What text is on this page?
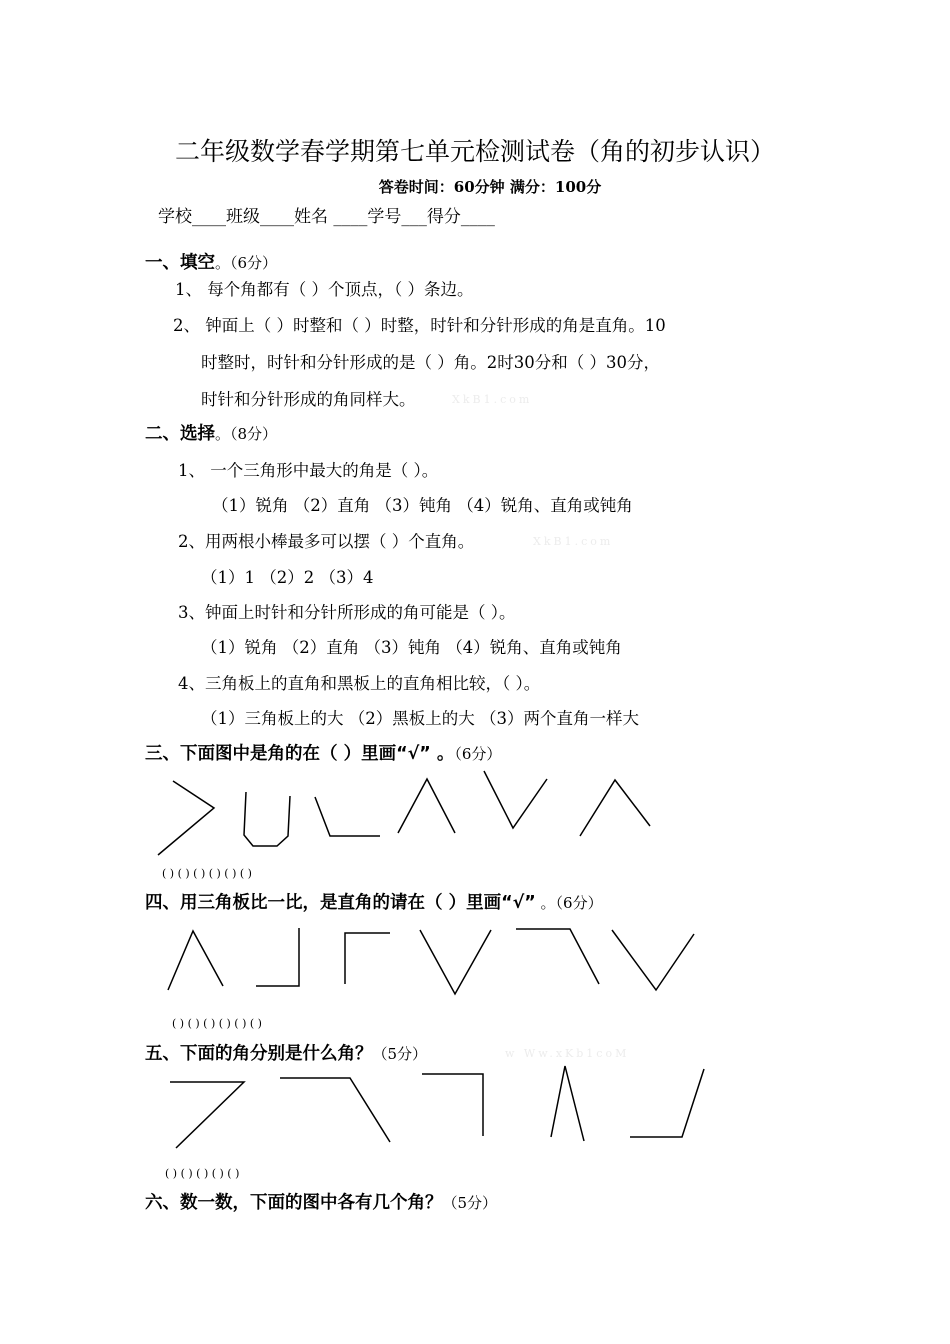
二年级数学春学期第七单元检测试卷（角的初步认识）
答卷时间：60分钟 满分：100分
学校____班级____姓名 ____学号___得分____
一、填空。（6分）
1、 每个角都有（ ）个顶点，（ ）条边。
2、 钟面上（ ）时整和（ ）时整，时针和分针形成的角是直角。10
时整时，时针和分针形成的是（ ）角。2时30分和（ ）30分，
时针和分针形成的角同样大。	XkB1.com
二、选择。（8分）
1、 一个三角形中最大的角是（ ）。
（1）锐角 （2）直角 （3）钝角 （4）锐角、直角或钝角
2、用两根小棒最多可以摆（ ）个直角。	XkB1.com
（1）1 （2）2 （3）4
3、钟面上时针和分针所形成的角可能是（ ）。
（1）锐角 （2）直角 （3）钝角 （4）锐角、直角或钝角
4、三角板上的直角和黑板上的直角相比较，（ ）。
（1）三角板上的大 （2）黑板上的大 （3）两个直角一样大
三、下面图中是角的在（ ）里画“√” 。（6分）
( ) ( ) ( ) ( ) ( ) ( )
四、用三角板比一比，是直角的请在（ ）里画“√” 。（6分）
( ) ( ) ( ) ( ) ( ) ( )
五、下面的角分别是什么角？（5分）	w Ww.xKb1coM
( ) ( ) ( ) ( ) ( )
六、数一数，下面的图中各有几个角？（5分）
